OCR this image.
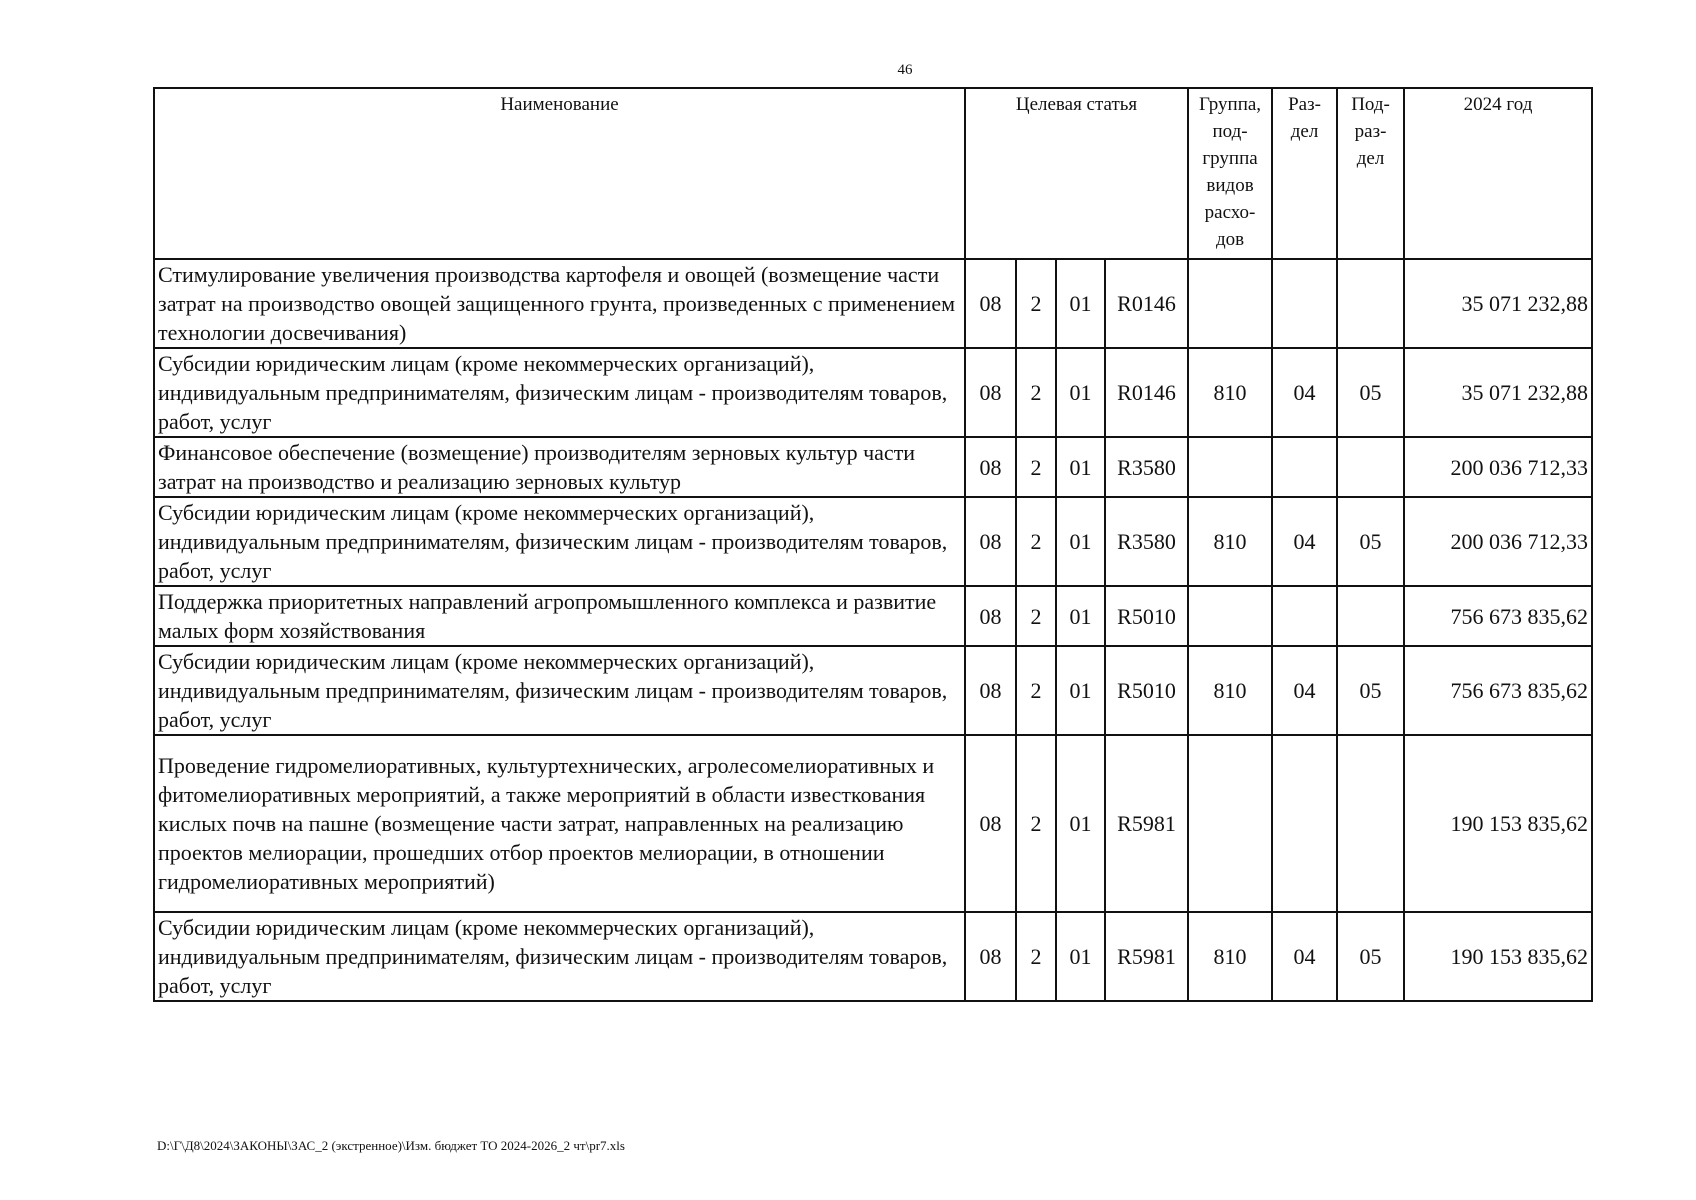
46
Наименование	Целевая статья				Группа, под-группа видов расхо-дов	Раз-дел	Под-раз-дел	2024 год
Стимулирование увеличения производства картофеля и овощей (возмещение части затрат на производство овощей защищенного грунта, произведенных с применением технологии досвечивания)	08	2	01	R0146				35 071 232,88
Субсидии юридическим лицам (кроме некоммерческих организаций), индивидуальным предпринимателям, физическим лицам - производителям товаров, работ, услуг	08	2	01	R0146	810	04	05	35 071 232,88
Финансовое обеспечение (возмещение) производителям зерновых культур части затрат на производство и реализацию зерновых культур	08	2	01	R3580				200 036 712,33
Субсидии юридическим лицам (кроме некоммерческих организаций), индивидуальным предпринимателям, физическим лицам - производителям товаров, работ, услуг	08	2	01	R3580	810	04	05	200 036 712,33
Поддержка приоритетных направлений агропромышленного комплекса и развитие малых форм хозяйствования	08	2	01	R5010				756 673 835,62
Субсидии юридическим лицам (кроме некоммерческих организаций), индивидуальным предпринимателям, физическим лицам - производителям товаров, работ, услуг	08	2	01	R5010	810	04	05	756 673 835,62
Проведение гидромелиоративных, культуртехнических, агролесомелиоративных и фитомелиоративных мероприятий, а также мероприятий в области известкования кислых почв на пашне (возмещение части затрат, направленных на реализацию проектов мелиорации, прошедших отбор проектов мелиорации, в отношении гидромелиоративных мероприятий)	08	2	01	R5981				190 153 835,62
Субсидии юридическим лицам (кроме некоммерческих организаций), индивидуальным предпринимателям, физическим лицам - производителям товаров, работ, услуг	08	2	01	R5981	810	04	05	190 153 835,62
D:\Г\Д8\2024\ЗАКОНЫ\ЗАС_2 (экстренное)\Изм. бюджет ТО 2024-2026_2 чт\pr7.xls
